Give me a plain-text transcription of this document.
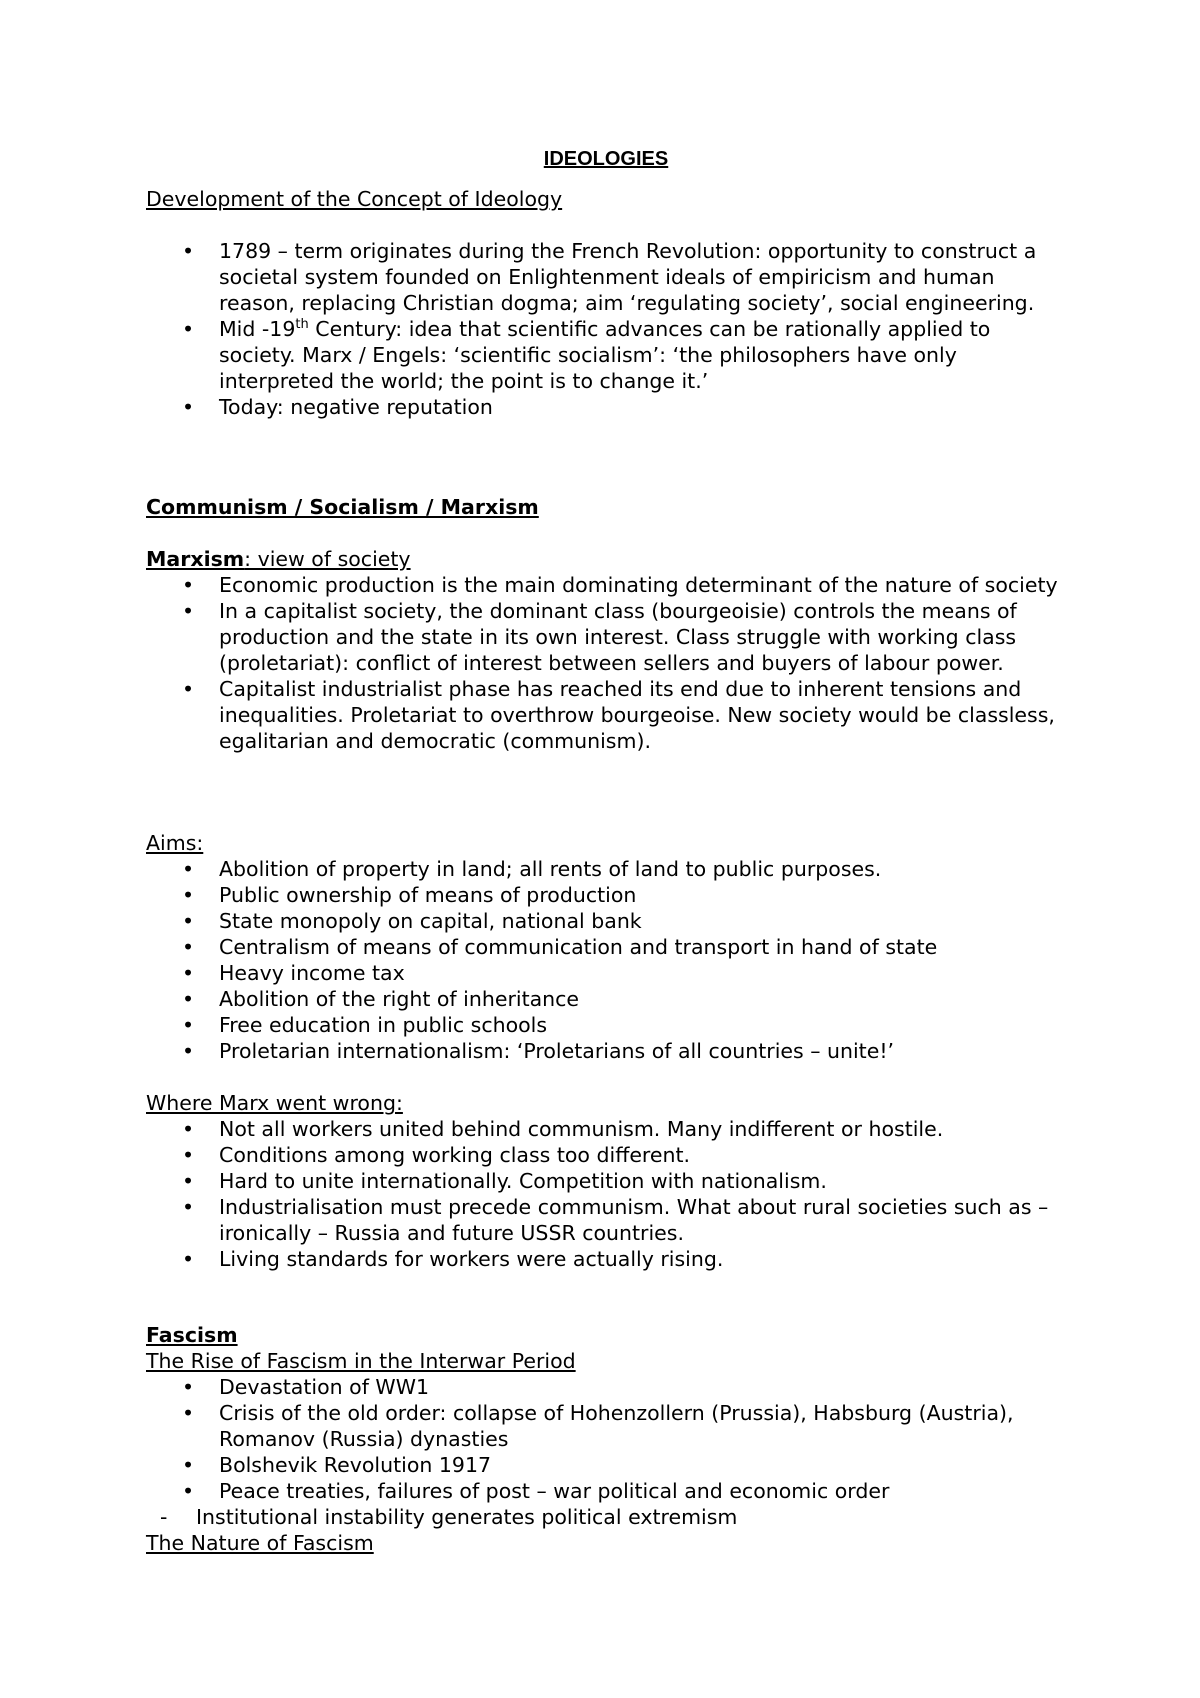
IDEOLOGIES
Development of the Concept of Ideology
• 1789 – term originates during the French Revolution: opportunity to construct a societal system founded on Enlightenment ideals of empiricism and human reason, replacing Christian dogma; aim ‘regulating society’, social engineering.
• Mid -19th Century: idea that scientific advances can be rationally applied to society. Marx / Engels: ‘scientific socialism’: ‘the philosophers have only interpreted the world; the point is to change it.’
• Today: negative reputation
Communism / Socialism / Marxism
Marxism: view of society
• Economic production is the main dominating determinant of the nature of society
• In a capitalist society, the dominant class (bourgeoisie) controls the means of production and the state in its own interest. Class struggle with working class (proletariat): conflict of interest between sellers and buyers of labour power.
• Capitalist industrialist phase has reached its end due to inherent tensions and inequalities. Proletariat to overthrow bourgeoise. New society would be classless, egalitarian and democratic (communism).
Aims:
• Abolition of property in land; all rents of land to public purposes.
• Public ownership of means of production
• State monopoly on capital, national bank
• Centralism of means of communication and transport in hand of state
• Heavy income tax
• Abolition of the right of inheritance
• Free education in public schools
• Proletarian internationalism: ‘Proletarians of all countries – unite!’
Where Marx went wrong:
• Not all workers united behind communism. Many indifferent or hostile.
• Conditions among working class too different.
• Hard to unite internationally. Competition with nationalism.
• Industrialisation must precede communism. What about rural societies such as – ironically – Russia and future USSR countries.
• Living standards for workers were actually rising.
Fascism
The Rise of Fascism in the Interwar Period
• Devastation of WW1
• Crisis of the old order: collapse of Hohenzollern (Prussia), Habsburg (Austria), Romanov (Russia) dynasties
• Bolshevik Revolution 1917
• Peace treaties, failures of post – war political and economic order
- Institutional instability generates political extremism
The Nature of Fascism
